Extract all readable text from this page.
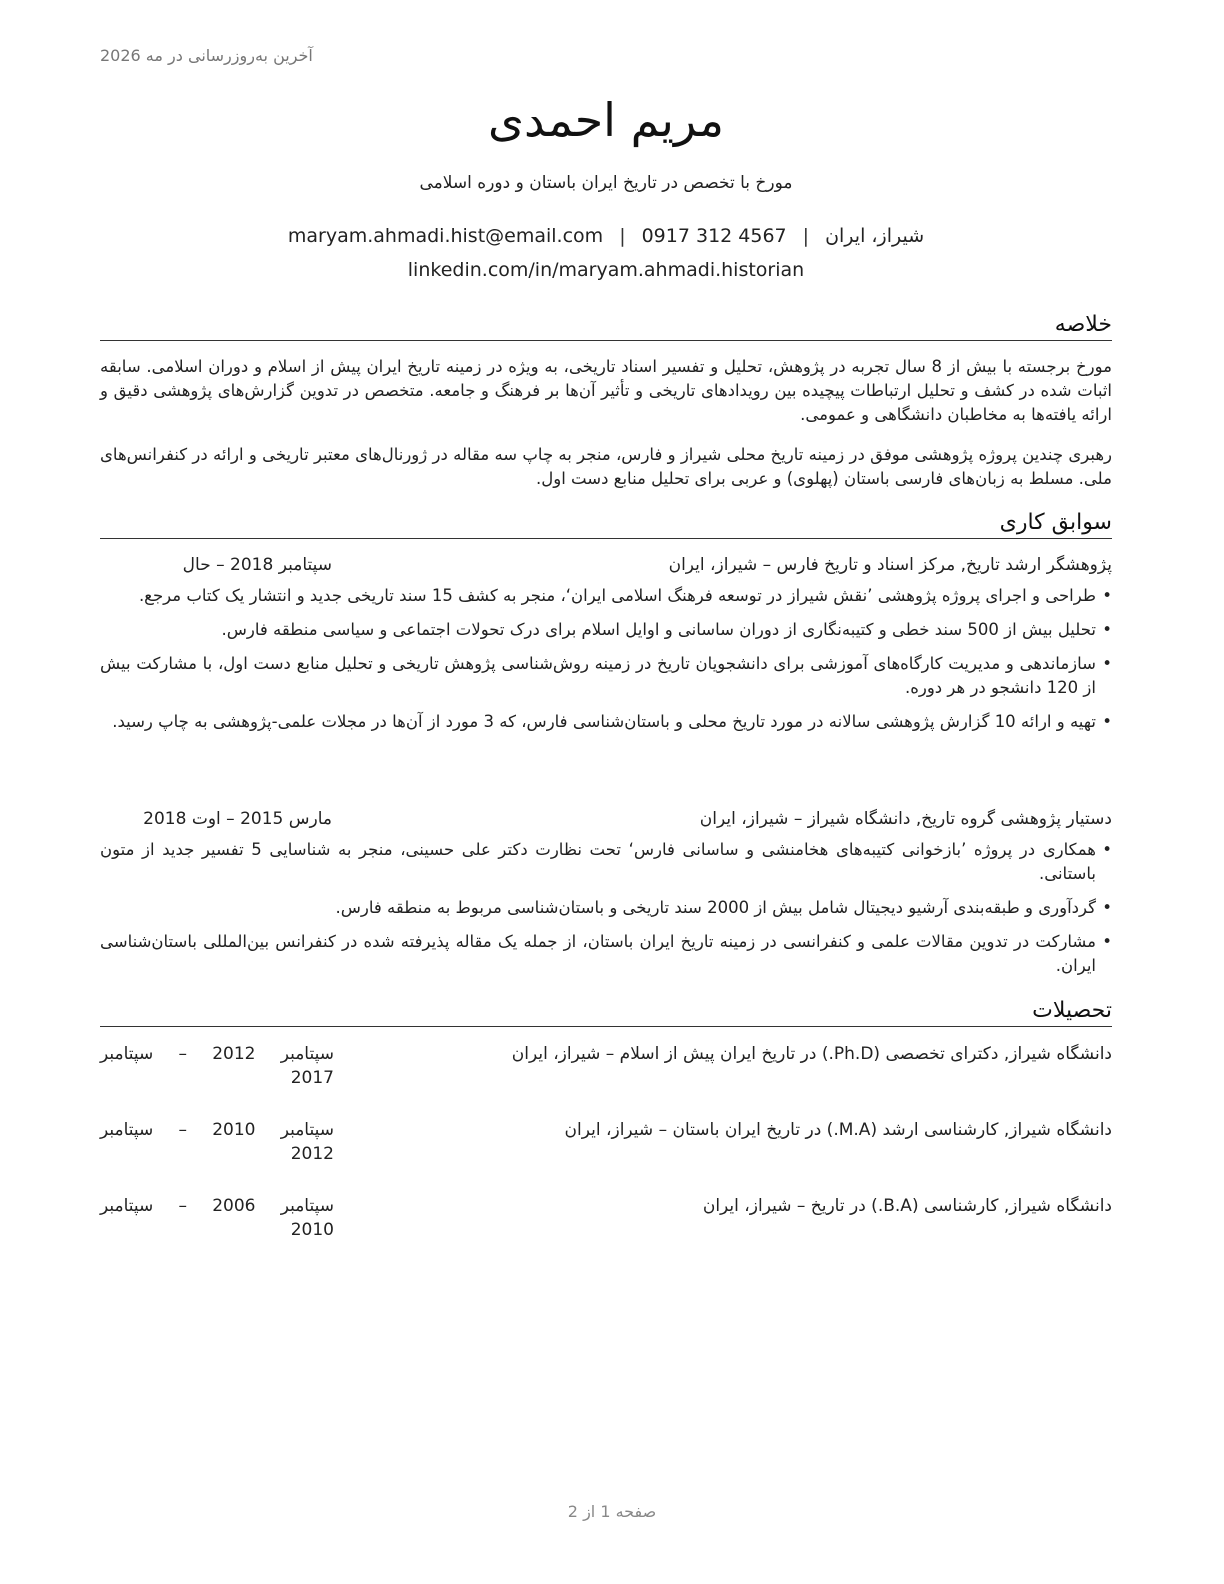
آخرین به‌روزرسانی در مه 2026
مریم احمدی
مورخ با تخصص در تاریخ ایران باستان و دوره اسلامی
شیراز، ایران|maryam.ahmadi.hist@email.com | 0917 312 4567
linkedin.com/in/maryam.ahmadi.historian
خلاصه
مورخ برجسته با بیش از 8 سال تجربه در پژوهش، تحلیل و تفسیر اسناد تاریخی، به ویژه در زمینه تاریخ ایران پیش از اسلام و دوران اسلامی. سابقه اثبات شده در کشف و تحلیل ارتباطات پیچیده بین رویدادهای تاریخی و تأثیر آن‌ها بر فرهنگ و جامعه. متخصص در تدوین گزارش‌های پژوهشی دقیق و ارائه یافته‌ها به مخاطبان دانشگاهی و عمومی.
رهبری چندین پروژه پژوهشی موفق در زمینه تاریخ محلی شیراز و فارس، منجر به چاپ سه مقاله در ژورنال‌های معتبر تاریخی و ارائه در کنفرانس‌های ملی. مسلط به زبان‌های فارسی باستان (پهلوی) و عربی برای تحلیل منابع دست اول.
سوابق کاری
پژوهشگر ارشد تاریخ, مرکز اسناد و تاریخ فارس – شیراز، ایران
سپتامبر 2018 – حال
•
طراحی و اجرای پروژه پژوهشی ’نقش شیراز در توسعه فرهنگ اسلامی ایران‘، منجر به کشف 15 سند تاریخی جدید و انتشار یک کتاب مرجع.
•
تحلیل بیش از 500 سند خطی و کتیبه‌نگاری از دوران ساسانی و اوایل اسلام برای درک تحولات اجتماعی و سیاسی منطقه فارس.
•
سازماندهی و مدیریت کارگاه‌های آموزشی برای دانشجویان تاریخ در زمینه روش‌شناسی پژوهش تاریخی و تحلیل منابع دست اول، با مشارکت بیش از 120 دانشجو در هر دوره.
•
تهیه و ارائه 10 گزارش پژوهشی سالانه در مورد تاریخ محلی و باستان‌شناسی فارس، که 3 مورد از آن‌ها در مجلات علمی-پژوهشی به چاپ رسید.
دستیار پژوهشی گروه تاریخ, دانشگاه شیراز – شیراز، ایران
مارس 2015 – اوت 2018
•
همکاری در پروژه ’بازخوانی کتیبه‌های هخامنشی و ساسانی فارس‘ تحت نظارت دکتر علی حسینی، منجر به شناسایی 5 تفسیر جدید از متون باستانی.
•
گردآوری و طبقه‌بندی آرشیو دیجیتال شامل بیش از 2000 سند تاریخی و باستان‌شناسی مربوط به منطقه فارس.
•
مشارکت در تدوین مقالات علمی و کنفرانسی در زمینه تاریخ ایران باستان، از جمله یک مقاله پذیرفته شده در کنفرانس بین‌المللی باستان‌شناسی ایران.
تحصیلات
دانشگاه شیراز, دکترای تخصصی (Ph.D.) در تاریخ ایران پیش از اسلام – شیراز، ایران
سپتامبر
2012
–
سپتامبر
2017
دانشگاه شیراز, کارشناسی ارشد (M.A.) در تاریخ ایران باستان – شیراز، ایران
سپتامبر
2010
–
سپتامبر
2012
دانشگاه شیراز, کارشناسی (B.A.) در تاریخ – شیراز، ایران
سپتامبر
2006
–
سپتامبر
2010
صفحه 1 از 2
